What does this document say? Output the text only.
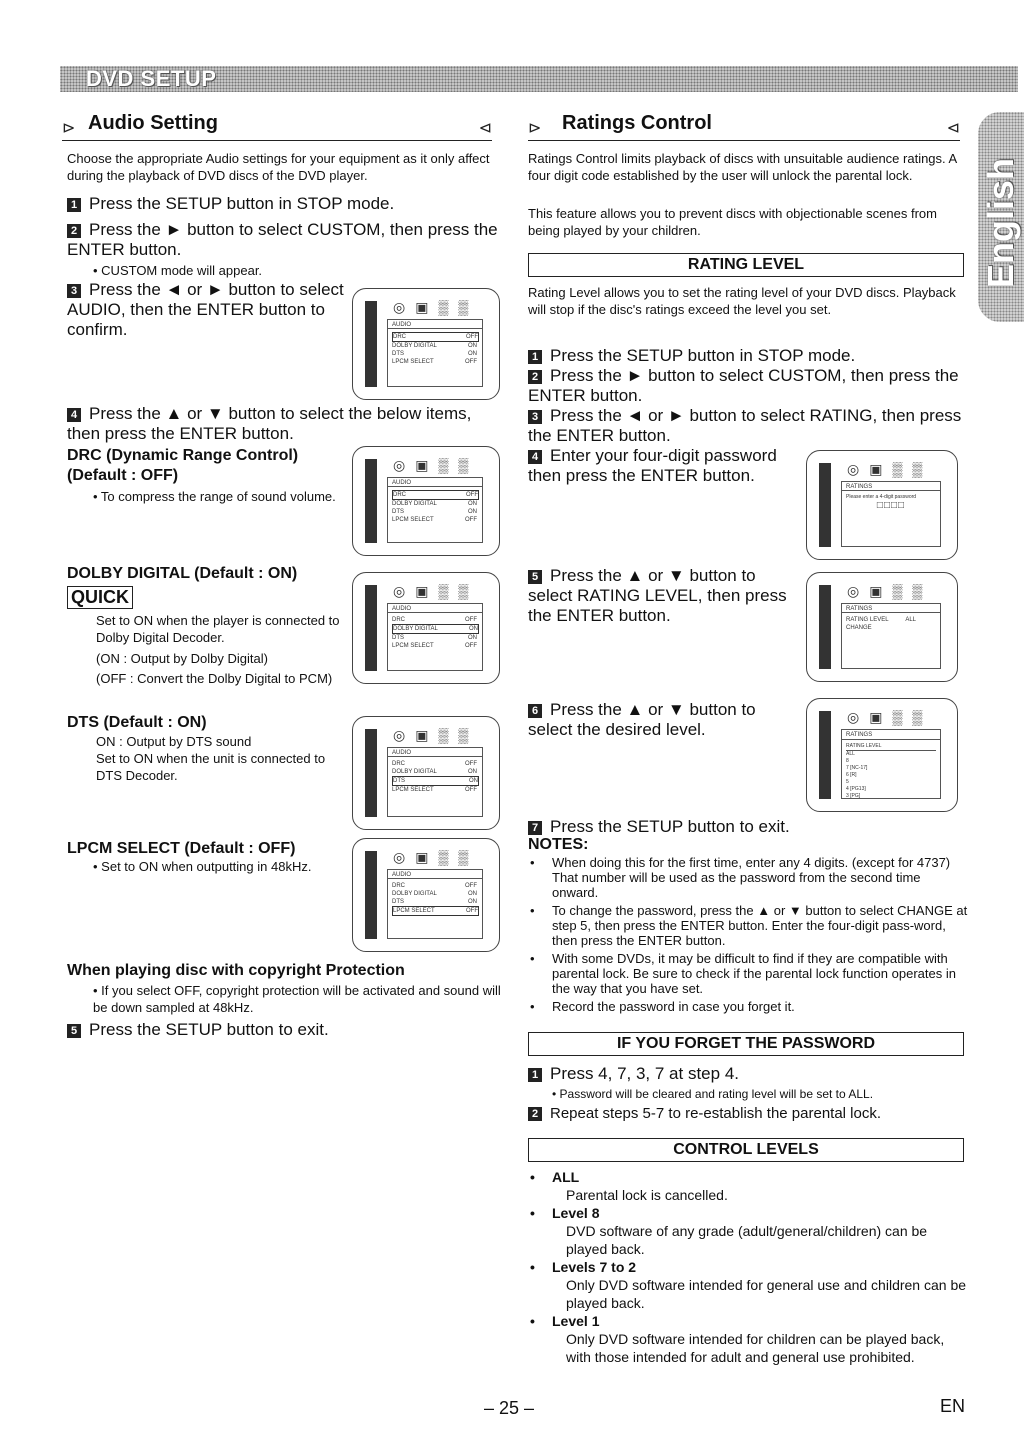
DVD SETUP
English
⊳ Audio Setting	⊲
Choose the appropriate Audio settings for your equipment as it only affect during the playback of DVD discs of the DVD player.
1 Press the SETUP button in STOP mode.
2 Press the ► button to select CUSTOM, then press the ENTER button.
• CUSTOM mode will appear.
3 Press the ◄ or ► button to select AUDIO, then the ENTER button to confirm.
◎▣▒▒
AUDIO
DRC	OFF
DOLBY DIGITAL	ON
DTS	ON
LPCM SELECT	OFF
4 Press the ▲ or ▼ button to select the below items, then press the ENTER button.
DRC (Dynamic Range Control) (Default : OFF)
• To compress the range of sound volume.
◎▣▒▒
AUDIO
DRC	OFF
DOLBY DIGITAL	ON
DTS	ON
LPCM SELECT	OFF
DOLBY DIGITAL (Default : ON)
QUICK
Set to ON when the player is connected to Dolby Digital Decoder.
(ON : Output by Dolby Digital)
(OFF : Convert the Dolby Digital to PCM)
◎▣▒▒
AUDIO
DRC	OFF
DOLBY DIGITAL	ON
DTS	ON
LPCM SELECT	OFF
DTS (Default : ON)
ON : Output by DTS sound
Set to ON when the unit is connected to DTS Decoder.
◎▣▒▒
AUDIO
DRC	OFF
DOLBY DIGITAL	ON
DTS	ON
LPCM SELECT	OFF
LPCM SELECT (Default : OFF)
• Set to ON when outputting in 48kHz.
◎▣▒▒
AUDIO
DRC	OFF
DOLBY DIGITAL	ON
DTS	ON
LPCM SELECT	OFF
When playing disc with copyright Protection
• If you select OFF, copyright protection will be activated and sound will be down sampled at 48kHz.
5 Press the SETUP button to exit.
⊳ Ratings Control	⊲
Ratings Control limits playback of discs with unsuitable audience ratings. A four digit code established by the user will unlock the parental lock.
This feature allows you to prevent discs with objectionable scenes from being played by your children.
RATING LEVEL
Rating Level allows you to set the rating level of your DVD discs. Playback will stop if the disc's ratings exceed the level you set.
1 Press the SETUP button in STOP mode.
2 Press the ► button to select CUSTOM, then press the ENTER button.
3 Press the ◄ or ► button to select RATING, then press the ENTER button.
4 Enter your four-digit password then press the ENTER button.	◎▣▒▒
RATINGS
Please enter a 4-digit password
□□□□
5 Press the ▲ or ▼ button to select RATING LEVEL, then press the ENTER button.
◎▣▒▒
RATINGS
RATING LEVEL	ALL
CHANGE
6 Press the ▲ or ▼ button to select the desired level.
◎▣▒▒
RATINGS
RATING LEVEL
ALL
8
7 [NC-17]
6 [R]
5
4 [PG13]
3 [PG]
7 Press the SETUP button to exit.
NOTES:
• When doing this for the first time, enter any 4 digits. (except for 4737) That number will be used as the password from the second time onward.
• To change the password, press the ▲ or ▼ button to select CHANGE at step 5, then press the ENTER button. Enter the four-digit pass-word, then press the ENTER button.
• With some DVDs, it may be difficult to find if they are compatible with parental lock. Be sure to check if the parental lock function operates in the way that you have set.
• Record the password in case you forget it.
IF YOU FORGET THE PASSWORD
1 Press 4, 7, 3, 7 at step 4.
• Password will be cleared and rating level will be set to ALL.
2 Repeat steps 5-7 to re-establish the parental lock.
CONTROL LEVELS
• ALL
Parental lock is cancelled.
• Level 8
DVD software of any grade (adult/general/children) can be played back.
• Levels 7 to 2
Only DVD software intended for general use and children can be played back.
• Level 1
Only DVD software intended for children can be played back, with those intended for adult and general use prohibited.
– 25 –	EN
